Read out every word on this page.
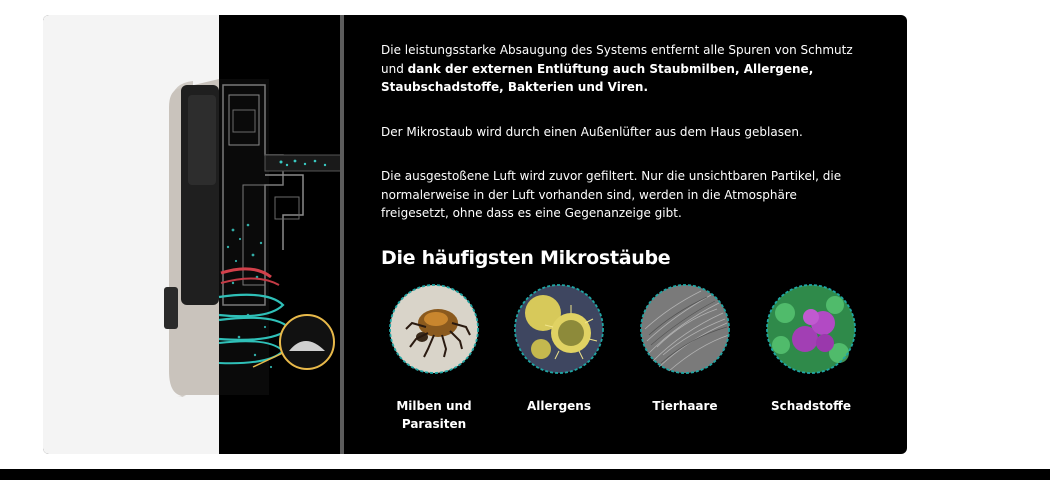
Die leistungsstarke Absaugung des Systems entfernt alle Spuren von Schmutz und dank der externen Entlüftung auch Staubmilben, Allergene, Staubschadstoffe, Bakterien und Viren.

Der Mikrostaub wird durch einen Außenlüfter aus dem Haus geblasen.

Die ausgestoßene Luft wird zuvor gefiltert. Nur die unsichtbaren Partikel, die normalerweise in der Luft vorhanden sind, werden in die Atmosphäre freigesetzt, ohne dass es eine Gegenanzeige gibt.

Die häufigsten Mikrostäube
Milben und Parasiten
Allergens	Tierhaare	Schadstoffe
